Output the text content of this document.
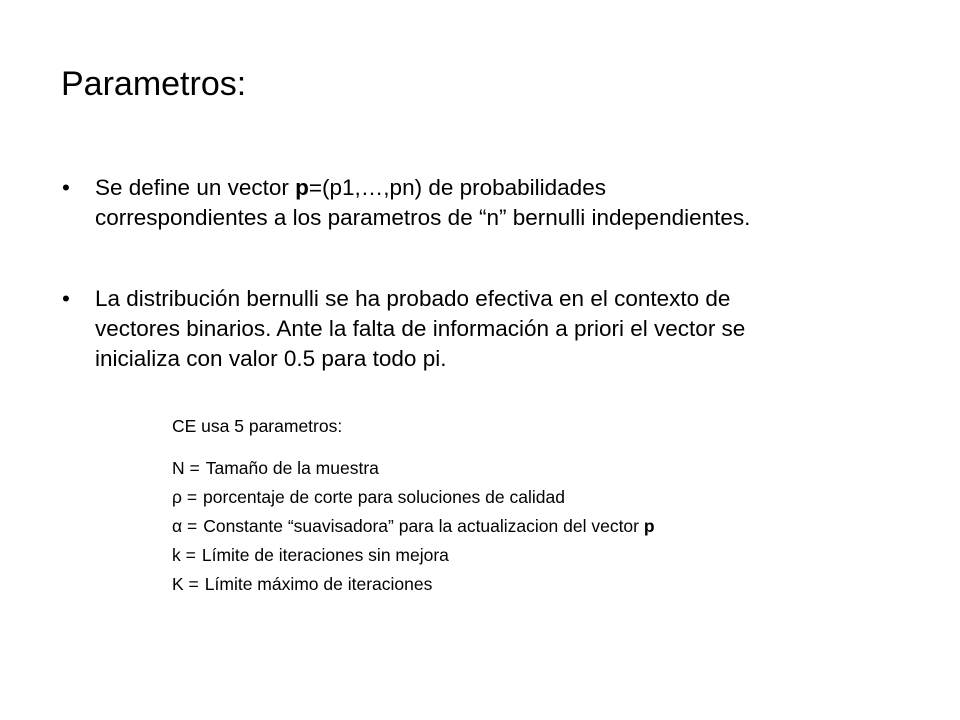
Parametros:
• Se define un vector p=(p1,…,pn) de probabilidades
correspondientes a los parametros de “n” bernulli independientes.
• La distribución bernulli se ha probado efectiva en el contexto de
vectores binarios. Ante la falta de información a priori el vector se
inicializa con valor 0.5 para todo pi.
CE usa 5 parametros:
N = Tamaño de la muestra
ρ = porcentaje de corte para soluciones de calidad
α = Constante “suavisadora” para la actualizacion del vector p
k = Límite de iteraciones sin mejora
K = Límite máximo de iteraciones
